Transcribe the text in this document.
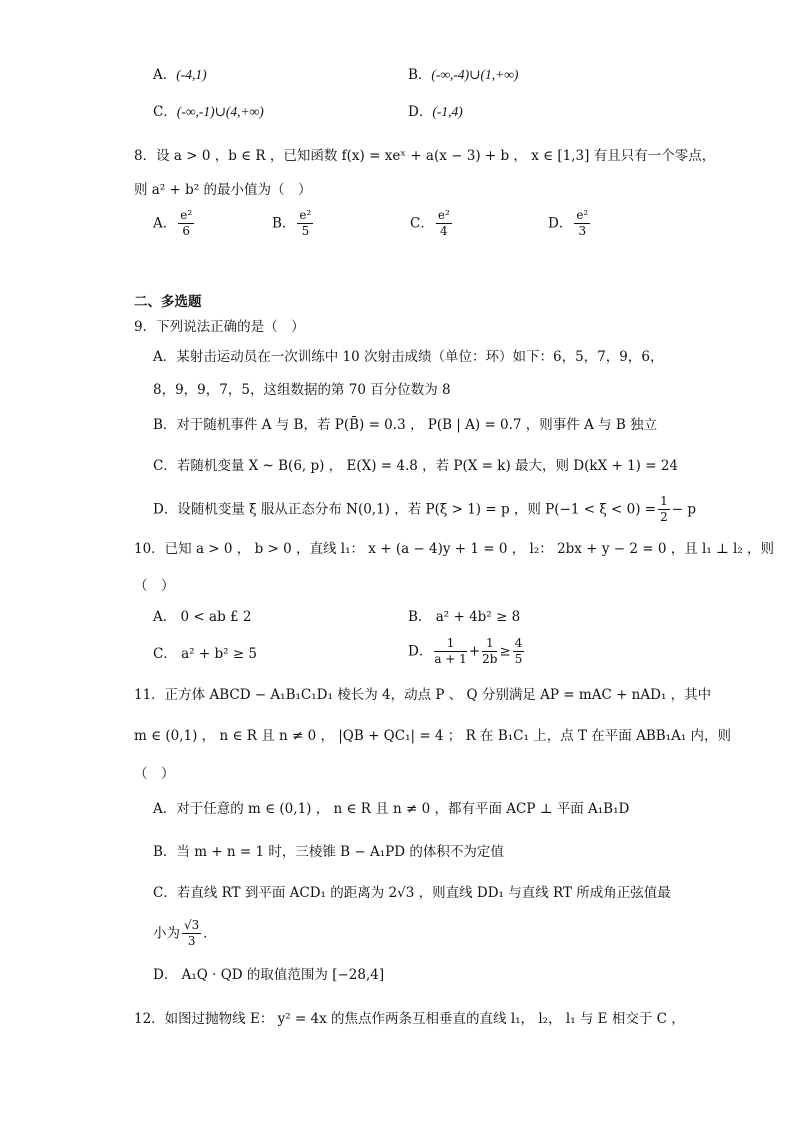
A．(-4,1)	B．(-∞,-4)∪(1,+∞)
C．(-∞,-1)∪(4,+∞)	D．(-1,4)
8．设 a > 0 ，b ∈ R ，已知函数 f(x) = xeˣ + a(x − 3) + b ， x ∈ [1,3] 有且只有一个零点，
则 a² + b² 的最小值为（　）
A． $\frac{\text{e²}}{6}$	B． $\frac{\text{e²}}{5}$	C． $\frac{\text{e²}}{4}$	D． $\frac{\text{e²}}{3}$
二、多选题
9．下列说法正确的是（　）
A．某射击运动员在一次训练中 10 次射击成绩（单位：环）如下：6，5，7，9，6，
8，9，9，7，5，这组数据的第 70 百分位数为 8
B．对于随机事件 A 与 B，若 P(B̄) = 0.3 ， P(B | A) = 0.7 ，则事件 A 与 B 独立
C．若随机变量 X ~ B(6, p) ， E(X) = 4.8 ，若 P(X = k) 最大，则 D(kX + 1) = 24
D．设随机变量 ξ 服从正态分布 N(0,1) ，若 P(ξ > 1) = p ，则 $P(-1 < \xi < 0) = \frac{1}{2} - p$
10．已知 a > 0 ， b > 0 ，直线 l₁： x + (a − 4)y + 1 = 0 ， l₂： 2bx + y − 2 = 0 ，且 l₁ ⊥ l₂ ，则
（　）
A． 0 < ab £ 2	B． a² + 4b² ≥ 8
C． a² + b² ≥ 5	D． $\frac{1}{a + 1} + \frac{1}{2b} \ge \frac{4}{5}$
11．正方体 ABCD − A₁B₁C₁D₁ 棱长为 4，动点 P 、 Q 分别满足 AP = mAC + nAD₁ ，其中
m ∈ (0,1) ， n ∈ R 且 n ≠ 0 ， |QB + QC₁| = 4 ； R 在 B₁C₁ 上，点 T 在平面 ABB₁A₁ 内，则
（　）
A．对于任意的 m ∈ (0,1) ， n ∈ R 且 n ≠ 0 ，都有平面 ACP ⊥ 平面 A₁B₁D
B．当 m + n = 1 时，三棱锥 B − A₁PD 的体积不为定值
C．若直线 RT 到平面 ACD₁ 的距离为 2√3 ，则直线 DD₁ 与直线 RT 所成角正弦值最
小为 $\frac{√3}{3}$ ．
D． A₁Q · QD 的取值范围为 [−28,4]
12．如图过抛物线 E： y² = 4x 的焦点作两条互相垂直的直线 l₁， l₂， l₁ 与 E 相交于 C ，
